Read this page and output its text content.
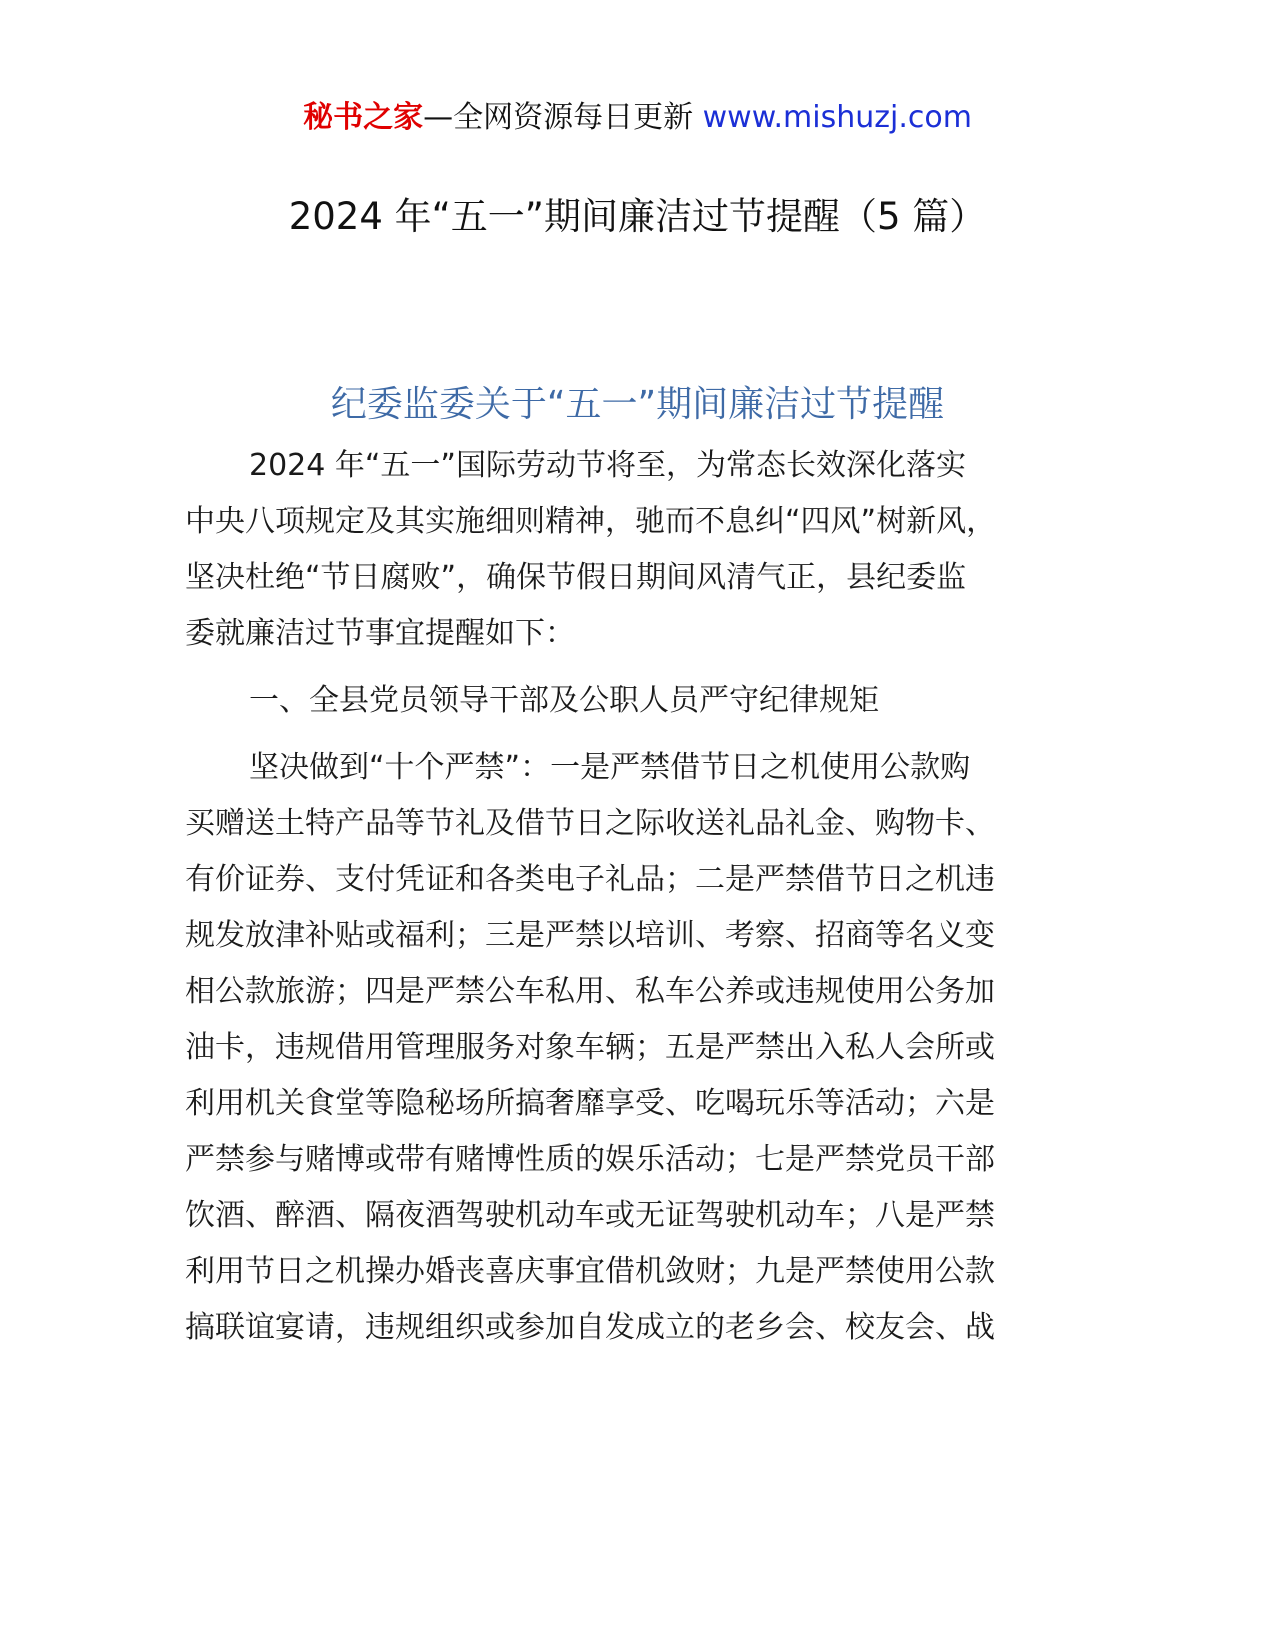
秘书之家—全网资源每日更新 www.mishuzj.com
2024 年“五一”期间廉洁过节提醒（5 篇）
纪委监委关于“五一”期间廉洁过节提醒
2024 年“五一”国际劳动节将至，为常态长效深化落实
中央八项规定及其实施细则精神，驰而不息纠“四风”树新风，
坚决杜绝“节日腐败”，确保节假日期间风清气正，县纪委监
委就廉洁过节事宜提醒如下：
一、全县党员领导干部及公职人员严守纪律规矩
坚决做到“十个严禁”：一是严禁借节日之机使用公款购
买赠送土特产品等节礼及借节日之际收送礼品礼金、购物卡、
有价证券、支付凭证和各类电子礼品；二是严禁借节日之机违
规发放津补贴或福利；三是严禁以培训、考察、招商等名义变
相公款旅游；四是严禁公车私用、私车公养或违规使用公务加
油卡，违规借用管理服务对象车辆；五是严禁出入私人会所或
利用机关食堂等隐秘场所搞奢靡享受、吃喝玩乐等活动；六是
严禁参与赌博或带有赌博性质的娱乐活动；七是严禁党员干部
饮酒、醉酒、隔夜酒驾驶机动车或无证驾驶机动车；八是严禁
利用节日之机操办婚丧喜庆事宜借机敛财；九是严禁使用公款
搞联谊宴请，违规组织或参加自发成立的老乡会、校友会、战
